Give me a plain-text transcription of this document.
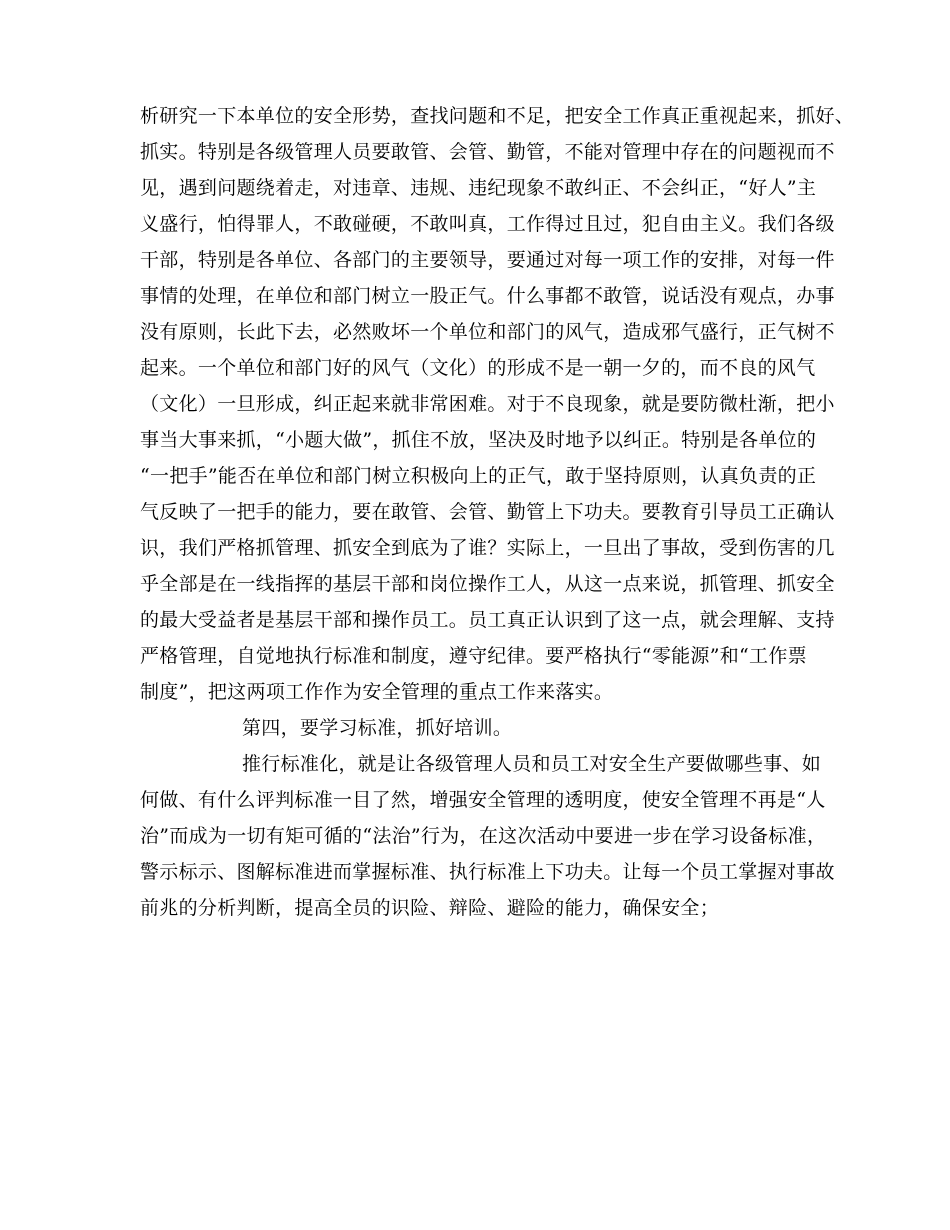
析研究一下本单位的安全形势，查找问题和不足，把安全工作真正重视起来，抓好、
抓实。特别是各级管理人员要敢管、会管、勤管，不能对管理中存在的问题视而不
见，遇到问题绕着走，对违章、违规、违纪现象不敢纠正、不会纠正，“好人”主
义盛行，怕得罪人，不敢碰硬，不敢叫真，工作得过且过，犯自由主义。我们各级
干部，特别是各单位、各部门的主要领导，要通过对每一项工作的安排，对每一件
事情的处理，在单位和部门树立一股正气。什么事都不敢管，说话没有观点，办事
没有原则，长此下去，必然败坏一个单位和部门的风气，造成邪气盛行，正气树不
起来。一个单位和部门好的风气（文化）的形成不是一朝一夕的，而不良的风气
（文化）一旦形成，纠正起来就非常困难。对于不良现象，就是要防微杜渐，把小
事当大事来抓，“小题大做”，抓住不放，坚决及时地予以纠正。特别是各单位的
“一把手”能否在单位和部门树立积极向上的正气，敢于坚持原则，认真负责的正
气反映了一把手的能力，要在敢管、会管、勤管上下功夫。要教育引导员工正确认
识，我们严格抓管理、抓安全到底为了谁？实际上，一旦出了事故，受到伤害的几
乎全部是在一线指挥的基层干部和岗位操作工人，从这一点来说，抓管理、抓安全
的最大受益者是基层干部和操作员工。员工真正认识到了这一点，就会理解、支持
严格管理，自觉地执行标准和制度，遵守纪律。要严格执行“零能源”和“工作票
制度”，把这两项工作作为安全管理的重点工作来落实。
第四，要学习标准，抓好培训。
推行标准化，就是让各级管理人员和员工对安全生产要做哪些事、如
何做、有什么评判标准一目了然，增强安全管理的透明度，使安全管理不再是“人
治”而成为一切有矩可循的“法治”行为，在这次活动中要进一步在学习设备标准，
警示标示、图解标准进而掌握标准、执行标准上下功夫。让每一个员工掌握对事故
前兆的分析判断，提高全员的识险、辩险、避险的能力，确保安全；
